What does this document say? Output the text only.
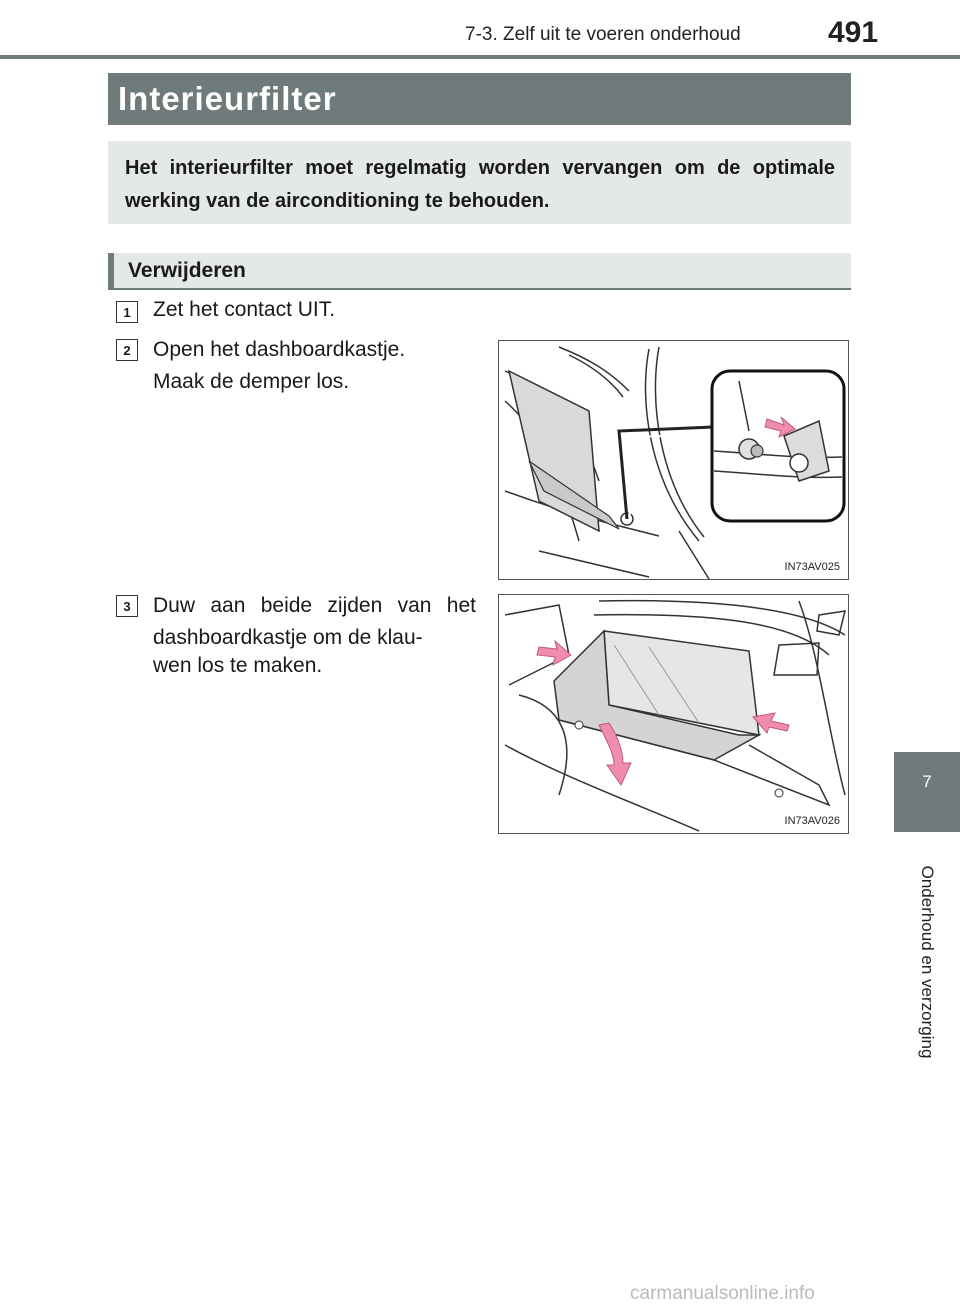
7-3. Zelf uit te voeren onderhoud	491
Interieurfilter
Het interieurfilter moet regelmatig worden vervangen om de optimale werking van de airconditioning te behouden.
Verwijderen
1	Zet het contact UIT.
2	Open het dashboardkastje.
Maak de demper los.
IN73AV025
3	Duw aan beide zijden van het dashboardkastje om de klau-
wen los te maken.
IN73AV026
7
Onderhoud en verzorging
carmanualsonline.info
